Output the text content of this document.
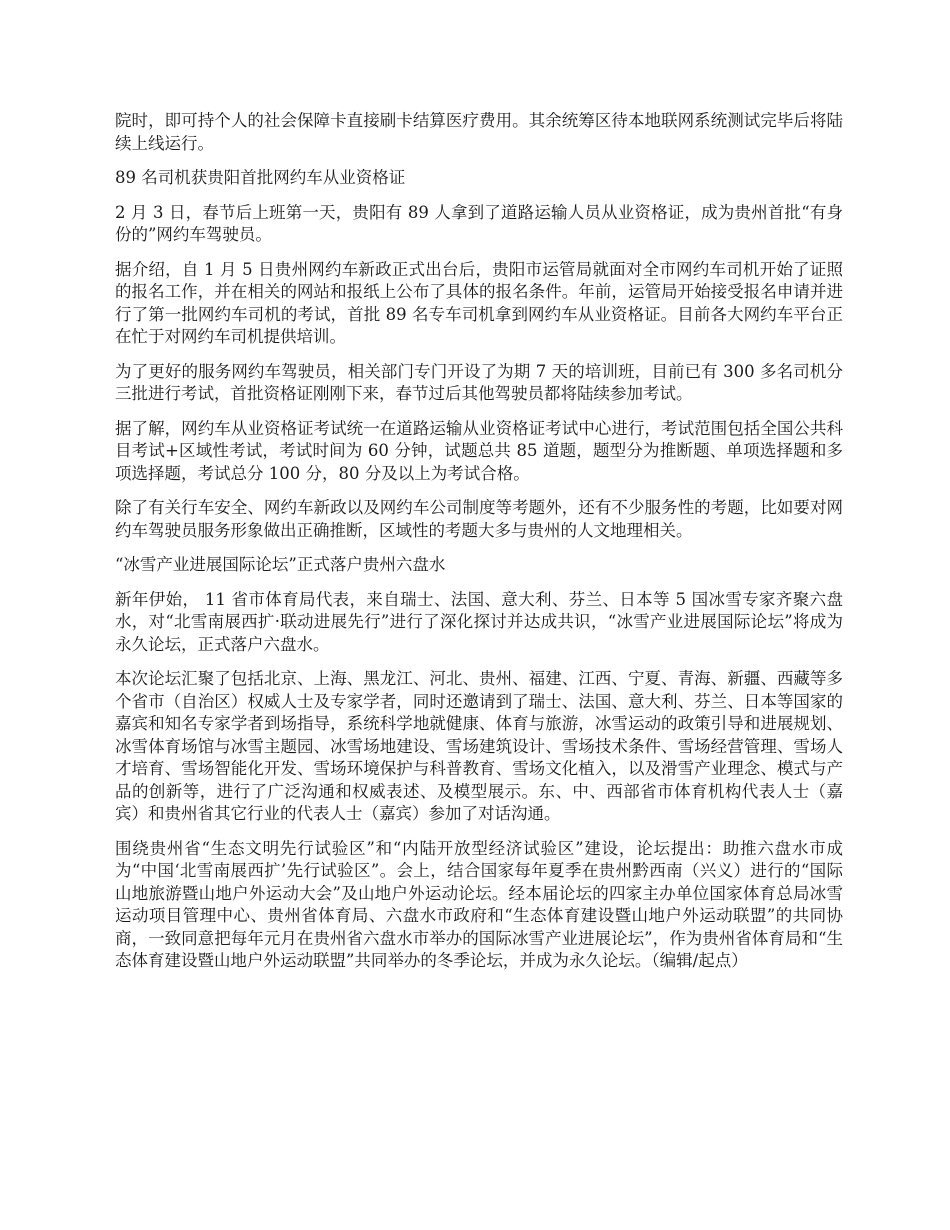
院时，即可持个人的社会保障卡直接刷卡结算医疗费用。其余统筹区待本地联网系统测试完毕后将陆续上线运行。

89 名司机获贵阳首批网约车从业资格证

2 月 3 日，春节后上班第一天，贵阳有 89 人拿到了道路运输人员从业资格证，成为贵州首批“有身份的”网约车驾驶员。

据介绍，自 1 月 5 日贵州网约车新政正式出台后，贵阳市运管局就面对全市网约车司机开始了证照的报名工作，并在相关的网站和报纸上公布了具体的报名条件。年前，运管局开始接受报名申请并进行了第一批网约车司机的考试，首批 89 名专车司机拿到网约车从业资格证。目前各大网约车平台正在忙于对网约车司机提供培训。

为了更好的服务网约车驾驶员，相关部门专门开设了为期 7 天的培训班，目前已有 300 多名司机分三批进行考试，首批资格证刚刚下来，春节过后其他驾驶员都将陆续参加考试。

据了解，网约车从业资格证考试统一在道路运输从业资格证考试中心进行，考试范围包括全国公共科目考试+区域性考试，考试时间为 60 分钟，试题总共 85 道题，题型分为推断题、单项选择题和多项选择题，考试总分 100 分，80 分及以上为考试合格。

除了有关行车安全、网约车新政以及网约车公司制度等考题外，还有不少服务性的考题，比如要对网约车驾驶员服务形象做出正确推断，区域性的考题大多与贵州的人文地理相关。

“冰雪产业进展国际论坛”正式落户贵州六盘水

新年伊始， 11 省市体育局代表，来自瑞士、法国、意大利、芬兰、日本等 5 国冰雪专家齐聚六盘水，对“北雪南展西扩·联动进展先行”进行了深化探讨并达成共识，“冰雪产业进展国际论坛”将成为永久论坛，正式落户六盘水。

本次论坛汇聚了包括北京、上海、黑龙江、河北、贵州、福建、江西、宁夏、青海、新疆、西藏等多个省市（自治区）权威人士及专家学者，同时还邀请到了瑞士、法国、意大利、芬兰、日本等国家的嘉宾和知名专家学者到场指导，系统科学地就健康、体育与旅游，冰雪运动的政策引导和进展规划、冰雪体育场馆与冰雪主题园、冰雪场地建设、雪场建筑设计、雪场技术条件、雪场经营管理、雪场人才培育、雪场智能化开发、雪场环境保护与科普教育、雪场文化植入，以及滑雪产业理念、模式与产品的创新等，进行了广泛沟通和权威表述、及模型展示。东、中、西部省市体育机构代表人士（嘉宾）和贵州省其它行业的代表人士（嘉宾）参加了对话沟通。

围绕贵州省“生态文明先行试验区”和“内陆开放型经济试验区”建设，论坛提出：助推六盘水市成为“中国‘北雪南展西扩’先行试验区”。会上，结合国家每年夏季在贵州黔西南（兴义）进行的“国际山地旅游暨山地户外运动大会”及山地户外运动论坛。经本届论坛的四家主办单位国家体育总局冰雪运动项目管理中心、贵州省体育局、六盘水市政府和“生态体育建设暨山地户外运动联盟”的共同协商，一致同意把每年元月在贵州省六盘水市举办的国际冰雪产业进展论坛”，作为贵州省体育局和“生态体育建设暨山地户外运动联盟”共同举办的冬季论坛，并成为永久论坛。（编辑/起点）
